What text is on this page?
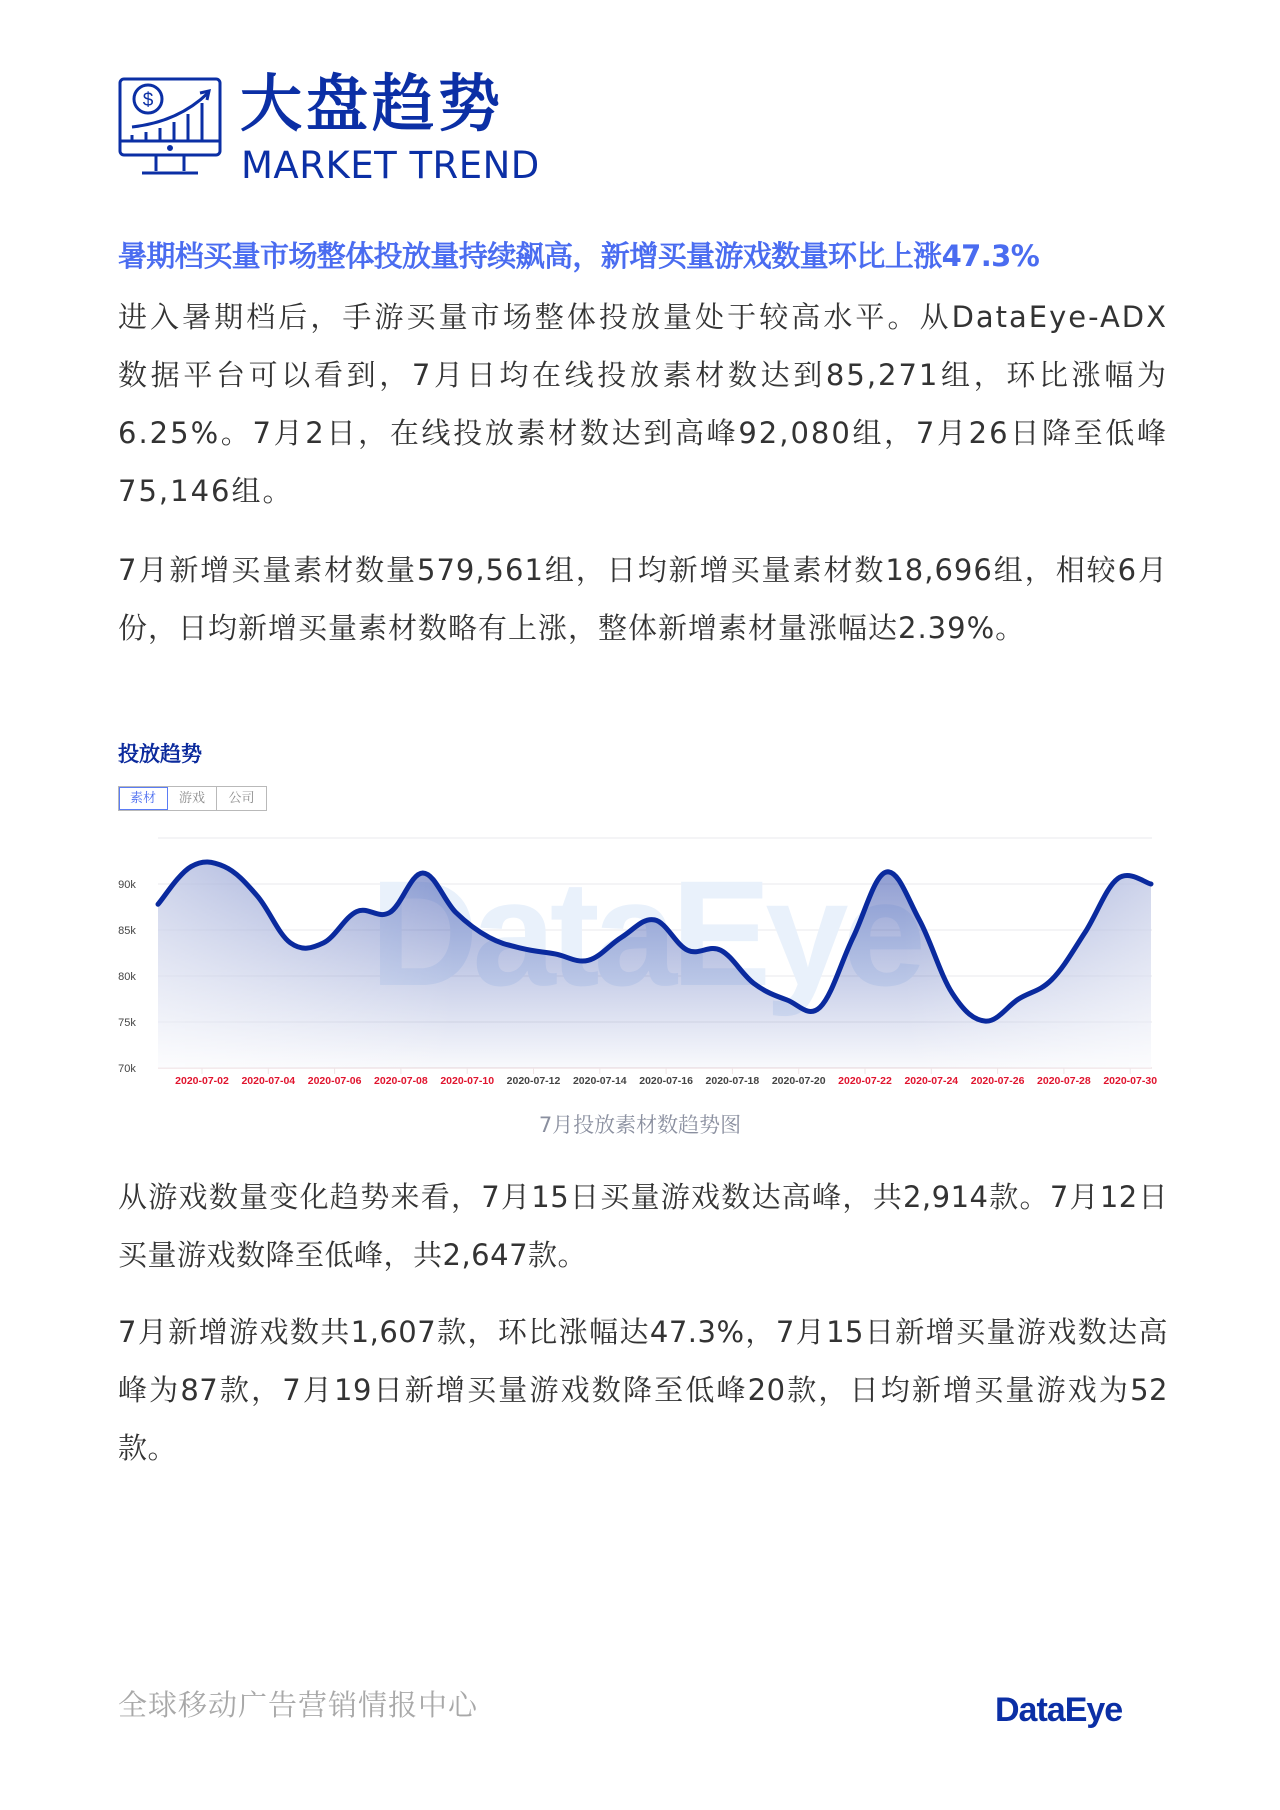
$ 大盘趋势
MARKET TREND
暑期档买量市场整体投放量持续飙高，新增买量游戏数量环比上涨47.3%
进入暑期档后，手游买量市场整体投放量处于较高水平。从DataEye-ADX数据平台可以看到，7月日均在线投放素材数达到85,271组，环比涨幅为6.25%。7月2日，在线投放素材数达到高峰92,080组，7月26日降至低峰75,146组。
7月新增买量素材数量579,561组，日均新增买量素材数18,696组，相较6月份，日均新增买量素材数略有上涨，整体新增素材量涨幅达2.39%。
投放趋势
素材	游戏	公司
70k
75k
80k
85k
90k
2020-07-02 2020-07-04 2020-07-06 2020-07-08 2020-07-10 2020-07-12 2020-07-14 2020-07-16 2020-07-18 2020-07-20 2020-07-22 2020-07-24 2020-07-26 2020-07-28 2020-07-30
7月投放素材数趋势图
从游戏数量变化趋势来看，7月15日买量游戏数达高峰，共2,914款。7月12日买量游戏数降至低峰，共2,647款。
7月新增游戏数共1,607款，环比涨幅达47.3%，7月15日新增买量游戏数达高峰为87款，7月19日新增买量游戏数降至低峰20款，日均新增买量游戏为52款。
全球移动广告营销情报中心	DataEye
